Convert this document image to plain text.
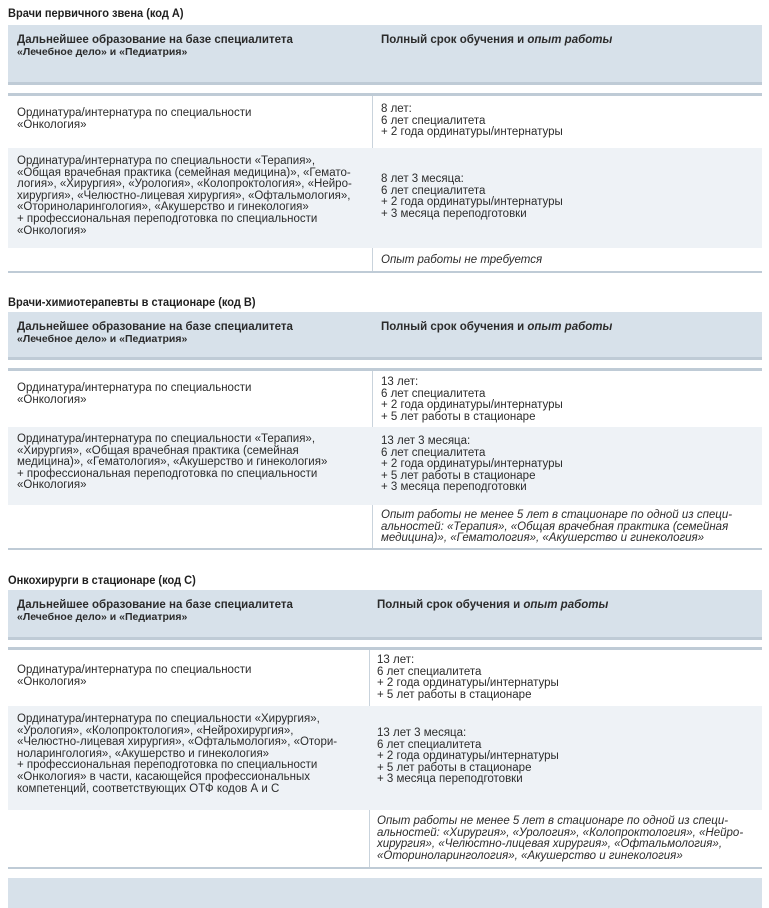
Врачи первичного звена (код А)
Дальнейшее образование на базе специалитета
«Лечебное дело» и «Педиатрия»
Полный срок обучения и опыт работы
Ординатура/интернатура по специальности
«Онкология»
8 лет:
6 лет специалитета
+ 2 года ординатуры/интернатуры
Ординатура/интернатура по специальности «Терапия»,
«Общая врачебная практика (семейная медицина)», «Гемато-
логия», «Хирургия», «Урология», «Колопроктология», «Нейро-
хирургия», «Челюстно-лицевая хирургия», «Офтальмология»,
«Оториноларингология», «Акушерство и гинекология»
+ профессиональная переподготовка по специальности
«Онкология»
8 лет 3 месяца:
6 лет специалитета
+ 2 года ординатуры/интернатуры
+ 3 месяца переподготовки
Опыт работы не требуется
Врачи-химиотерапевты в стационаре (код В)
Дальнейшее образование на базе специалитета
«Лечебное дело» и «Педиатрия»
Полный срок обучения и опыт работы
Ординатура/интернатура по специальности
«Онкология»
13 лет:
6 лет специалитета
+ 2 года ординатуры/интернатуры
+ 5 лет работы в стационаре
Ординатура/интернатура по специальности «Терапия»,
«Хирургия», «Общая врачебная практика (семейная
медицина)», «Гематология», «Акушерство и гинекология»
+ профессиональная переподготовка по специальности
«Онкология»
13 лет 3 месяца:
6 лет специалитета
+ 2 года ординатуры/интернатуры
+ 5 лет работы в стационаре
+ 3 месяца переподготовки
Опыт работы не менее 5 лет в стационаре по одной из специ-
альностей: «Терапия», «Общая врачебная практика (семейная
медицина)», «Гематология», «Акушерство и гинекология»
Онкохирурги в стационаре (код С)
Дальнейшее образование на базе специалитета
«Лечебное дело» и «Педиатрия»
Полный срок обучения и опыт работы
Ординатура/интернатура по специальности
«Онкология»
13 лет:
6 лет специалитета
+ 2 года ординатуры/интернатуры
+ 5 лет работы в стационаре
Ординатура/интернатура по специальности «Хирургия»,
«Урология», «Колопроктология», «Нейрохирургия»,
«Челюстно-лицевая хирургия», «Офтальмология», «Отори-
ноларингология», «Акушерство и гинекология»
+ профессиональная переподготовка по специальности
«Онкология» в части, касающейся профессиональных
компетенций, соответствующих ОТФ кодов А и С
13 лет 3 месяца:
6 лет специалитета
+ 2 года ординатуры/интернатуры
+ 5 лет работы в стационаре
+ 3 месяца переподготовки
Опыт работы не менее 5 лет в стационаре по одной из специ-
альностей: «Хирургия», «Урология», «Колопроктология», «Нейро-
хирургия», «Челюстно-лицевая хирургия», «Офтальмология»,
«Оториноларингология», «Акушерство и гинекология»
